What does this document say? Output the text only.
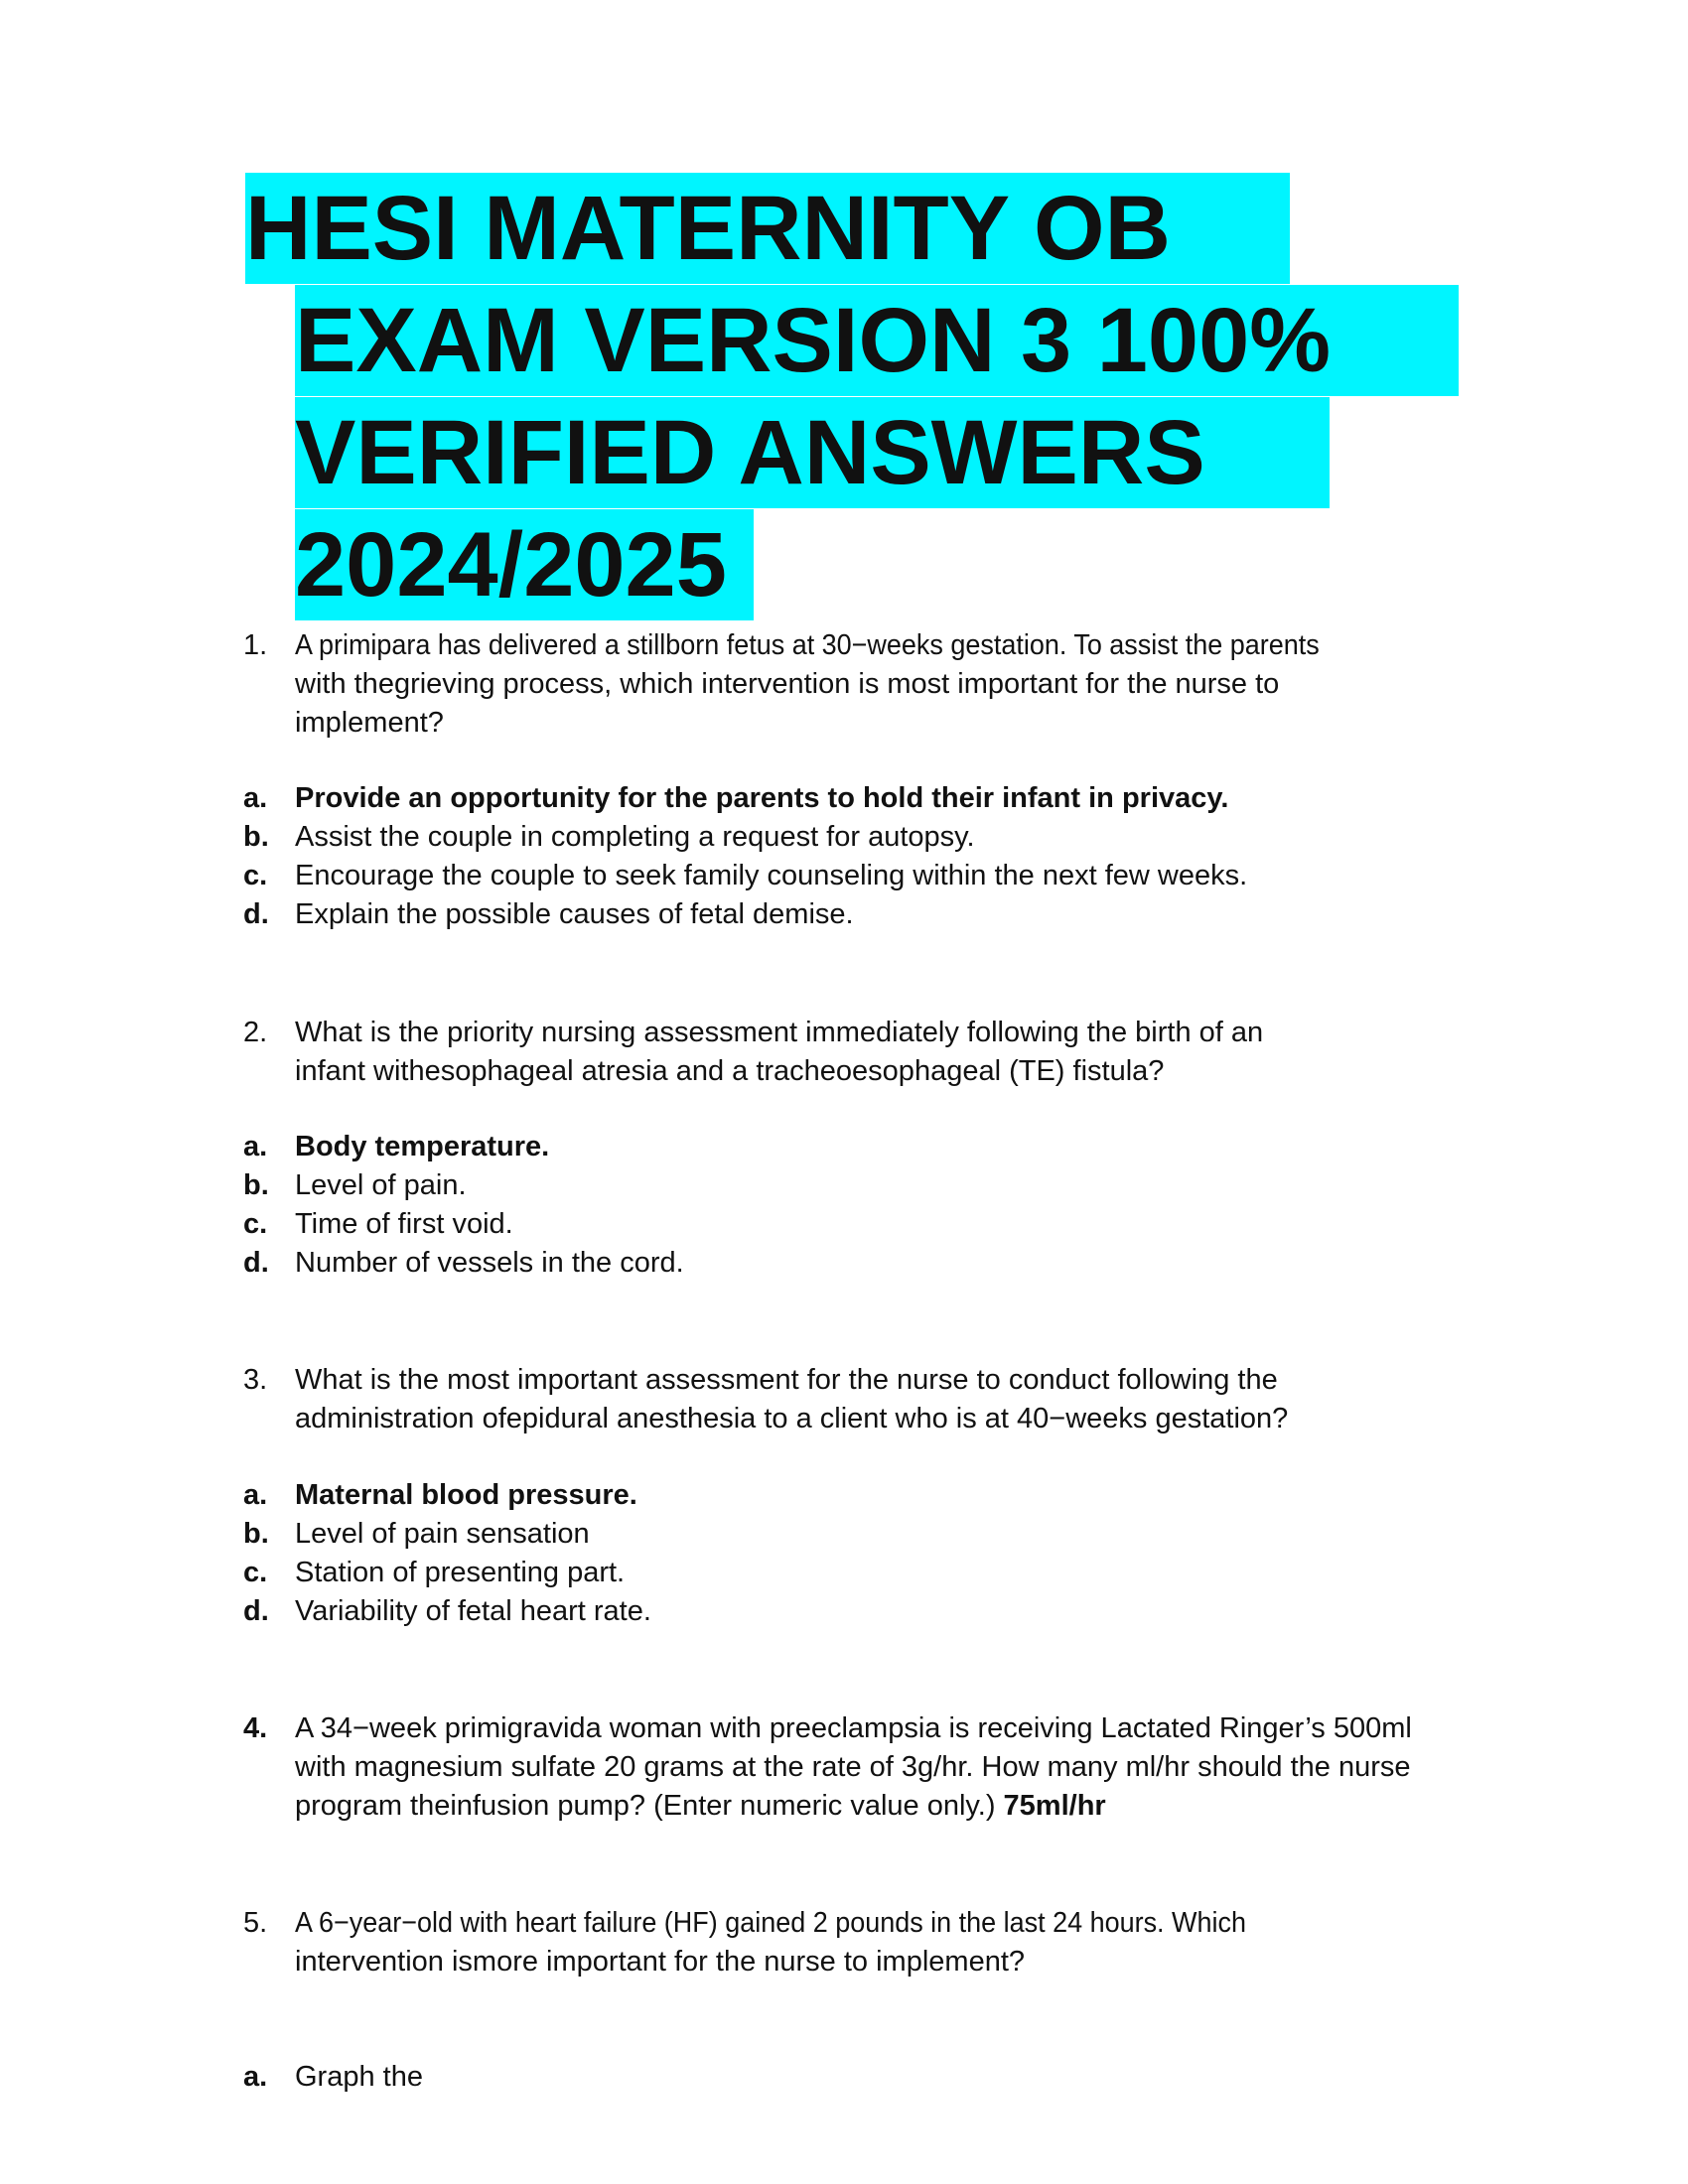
HESI MATERNITY OB
EXAM VERSION 3 100%
VERIFIED ANSWERS
2024/2025
1. A primipara has delivered a stillborn fetus at 30−weeks gestation. To assist the parents
with thegrieving process, which intervention is most important for the nurse to
implement?
a. Provide an opportunity for the parents to hold their infant in privacy.
b. Assist the couple in completing a request for autopsy.
c. Encourage the couple to seek family counseling within the next few weeks.
d. Explain the possible causes of fetal demise.
2. What is the priority nursing assessment immediately following the birth of an
infant withesophageal atresia and a tracheoesophageal (TE) fistula?
a. Body temperature.
b. Level of pain.
c. Time of first void.
d. Number of vessels in the cord.
3. What is the most important assessment for the nurse to conduct following the
administration ofepidural anesthesia to a client who is at 40−weeks gestation?
a. Maternal blood pressure.
b. Level of pain sensation
c. Station of presenting part.
d. Variability of fetal heart rate.
4. A 34−week primigravida woman with preeclampsia is receiving Lactated Ringer’s 500ml
with magnesium sulfate 20 grams at the rate of 3g/hr. How many ml/hr should the nurse
program theinfusion pump? (Enter numeric value only.) 75ml/hr
5. A 6−year−old with heart failure (HF) gained 2 pounds in the last 24 hours. Which
intervention ismore important for the nurse to implement?
a. Graph the
